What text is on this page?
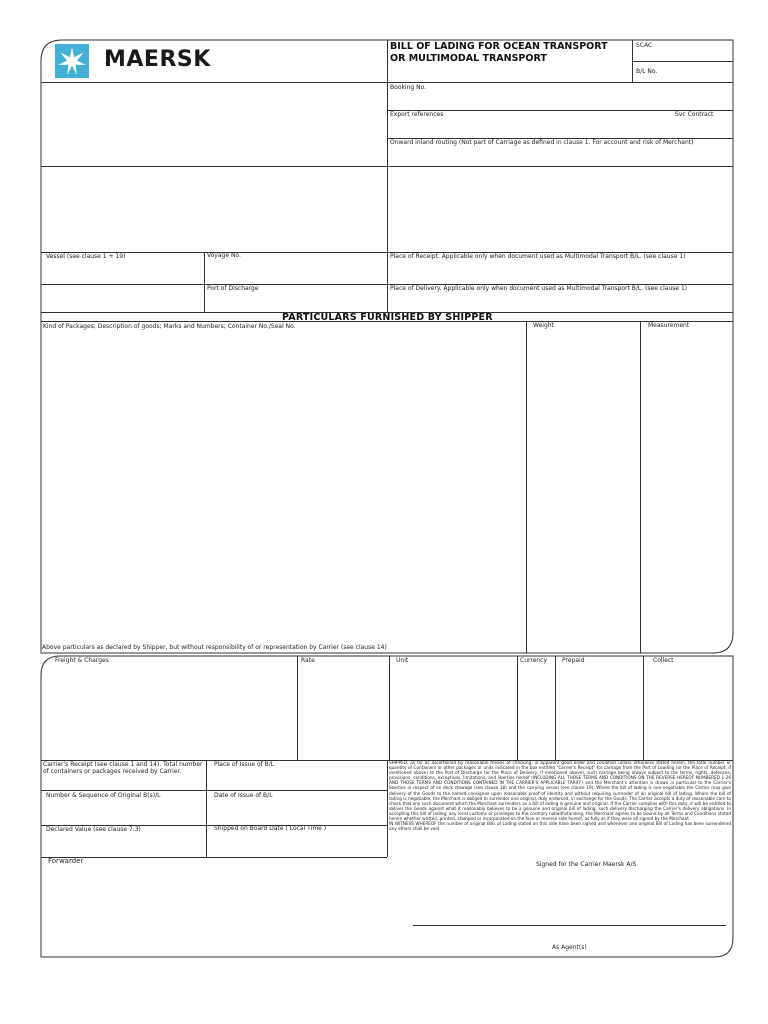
MAERSK
BILL OF LADING FOR OCEAN TRANSPORT
OR MULTIMODAL TRANSPORT
SCAC
B/L No.
Booking No.
Export references	Svc Contract
Onward inland routing (Not part of Carriage as defined in clause 1. For account and risk of Merchant)
Vessel (see clause 1 + 19)	Voyage No.	Place of Receipt. Applicable only when document used as Multimodal Transport B/L. (see clause 1)
Port of Discharge	Place of Delivery. Applicable only when document used as Multimodal Transport B/L. (see clause 1)
PARTICULARS FURNISHED BY SHIPPER
Kind of Packages; Description of goods; Marks and Numbers; Container No./Seal No.	Weight	Measurement
Above particulars as declared by Shipper, but without responsibility of or representation by Carrier (see clause 14)
Freight & Charges	Rate	Unit	Currency Prepaid	Collect
Carrier's Receipt (see clause 1 and 14). Total number
of containers or packages received by Carrier.
Place of Issue of B/L
Number & Sequence of Original B(s)/L	Date of Issue of B/L
Declared Value (see clause 7.3)	Shipped on Board Date ( Local Time )
Forwarder
SHIPPED, as far as ascertained by reasonable means of checking, in apparent good order and condition unless otherwise stated herein, the total number or quantity of Containers or other packages or units indicated in the box entitled "Carrier's Receipt" for carriage from the Port of Loading (or the Place of Receipt, if mentioned above) to the Port of Discharge (or the Place of Delivery, if mentioned above), such carriage being always subject to the terms, rights, defences, provisions, conditions, exceptions, limitations, and liberties hereof (INCLUDING ALL THOSE TERMS AND CONDITIONS ON THE REVERSE HEREOF NUMBERED 1-26 AND THOSE TERMS AND CONDITIONS CONTAINED IN THE CARRIER'S APPLICABLE TARIFF) and the Merchant's attention is drawn in particular to the Carrier's liberties in respect of on deck stowage (see clause 18) and the carrying vessel (see clause 19). Where the bill of lading is non-negotiable the Carrier may give delivery of the Goods to the named consignee upon reasonable proof of identity and without requiring surrender of an original bill of lading. Where the bill of lading is negotiable, the Merchant is obliged to surrender one original, duly endorsed, in exchange for the Goods. The Carrier accepts a duty of reasonable care to check that any such document which the Merchant surrenders as a bill of lading is genuine and original. If the Carrier complies with this duty, it will be entitled to deliver the Goods against what it reasonably believes to be a genuine and original bill of lading, such delivery discharging the Carrier's delivery obligations. In accepting this bill of lading, any local customs or privileges to the contrary notwithstanding, the Merchant agrees to be bound by all Terms and Conditions stated herein whether written, printed, stamped or incorporated on the face or reverse side hereof, as fully as if they were all signed by the Merchant.
IN WITNESS WHEREOF the number of original Bills of Lading stated on this side have been signed and whenever one original Bill of Lading has been surrendered any others shall be void.
Signed for the Carrier Maersk A/S
As Agent(s)
